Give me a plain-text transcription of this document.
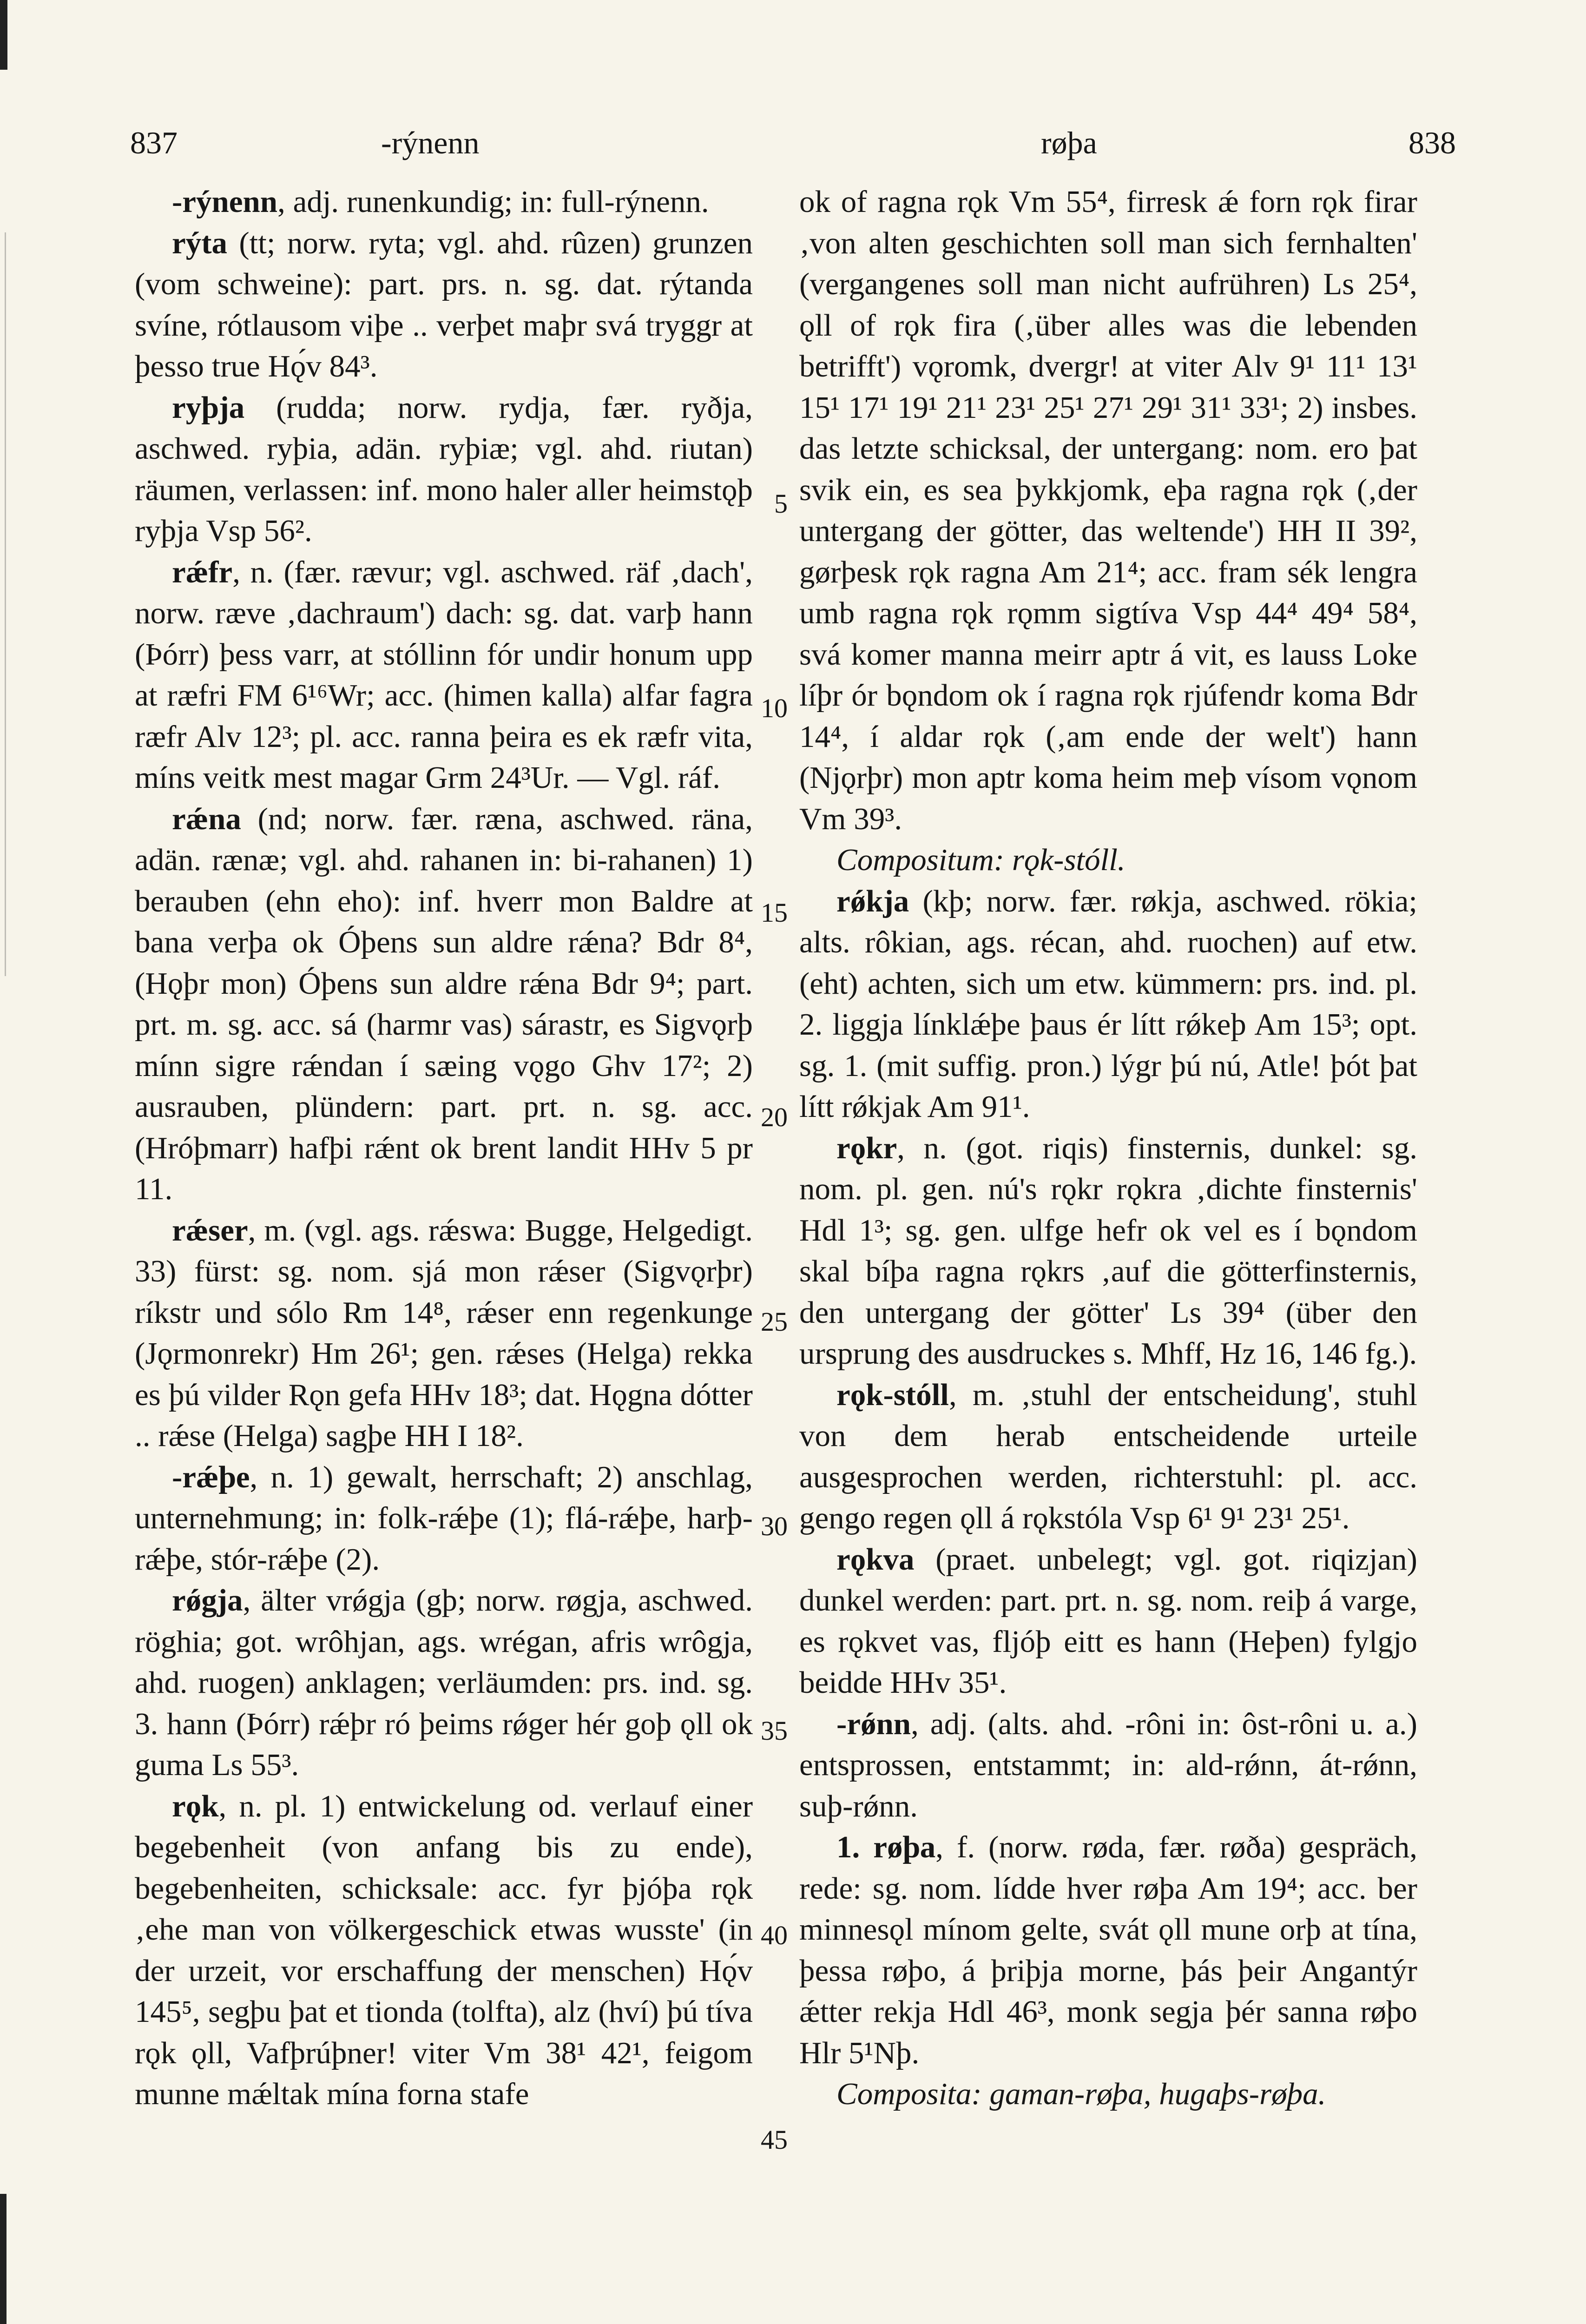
837	-rýnenn	røþa	838

-rýnenn, adj. runenkundig; in: full-rýnenn.

rýta (tt; norw. ryta; vgl. ahd. rûzen) grunzen (vom schweine): part. prs. n. sg. dat. rýtanda svíne, rótlausom viþe .. verþet maþr svá tryggr at þesso true Hǫ́v 84³.

ryþja (rudda; norw. rydja, fær. ryðja, aschwed. ryþia, adän. ryþiæ; vgl. ahd. riutan) räumen, verlassen: inf. mono haler aller heimstǫþ ryþja Vsp 56².

rǽfr, n. (fær. rævur; vgl. aschwed. räf ‚dach', norw. ræve ‚dachraum') dach: sg. dat. varþ hann (Þórr) þess varr, at stóllinn fór undir honum upp at ræfri FM 6¹⁶Wr; acc. (himen kalla) alfar fagra ræfr Alv 12³; pl. acc. ranna þeira es ek ræfr vita, míns veitk mest magar Grm 24³Ur. — Vgl. ráf.

rǽna (nd; norw. fær. ræna, aschwed. räna, adän. rænæ; vgl. ahd. rahanen in: bi-rahanen) 1) berauben (ehn eho): inf. hverr mon Baldre at bana verþa ok Óþens sun aldre rǽna? Bdr 8⁴, (Hǫþr mon) Óþens sun aldre rǽna Bdr 9⁴; part. prt. m. sg. acc. sá (harmr vas) sárastr, es Sigvǫrþ mínn sigre rǽndan í sæing vǫgo Ghv 17²; 2) ausrauben, plündern: part. prt. n. sg. acc. (Hróþmarr) hafþi rǽnt ok brent landit HHv 5 pr 11.

rǽser, m. (vgl. ags. rǽswa: Bugge, Helgedigt. 33) fürst: sg. nom. sjá mon rǽser (Sigvǫrþr) ríkstr und sólo Rm 14⁸, rǽser enn regenkunge (Jǫrmonrekr) Hm 26¹; gen. rǽses (Helga) rekka es þú vilder Rǫn gefa HHv 18³; dat. Hǫgna dótter .. rǽse (Helga) sagþe HH I 18².

-rǽþe, n. 1) gewalt, herrschaft; 2) anschlag, unternehmung; in: folk-rǽþe (1); flá-rǽþe, harþ-rǽþe, stór-rǽþe (2).

rǿgja, älter vrǿgja (gþ; norw. røgja, aschwed. röghia; got. wrôhjan, ags. wrégan, afris wrôgja, ahd. ruogen) anklagen; verläumden: prs. ind. sg. 3. hann (Þórr) rǽþr ró þeims rǿger hér goþ ǫll ok guma Ls 55³.

rǫk, n. pl. 1) entwickelung od. verlauf einer begebenheit (von anfang bis zu ende), begebenheiten, schicksale: acc. fyr þjóþa rǫk ‚ehe man von völkergeschick etwas wusste' (in der urzeit, vor erschaffung der menschen) Hǫ́v 145⁵, segþu þat et tionda (tolfta), alz (hví) þú tíva rǫk ǫll, Vafþrúþner! viter Vm 38¹ 42¹, feigom munne mǽltak mína forna stafe

ok of ragna rǫk Vm 55⁴, firresk ǽ forn rǫk firar ‚von alten geschichten soll man sich fernhalten' (vergangenes soll man nicht aufrühren) Ls 25⁴, ǫll of rǫk fira (‚über alles was die lebenden betrifft') vǫromk, dvergr! at viter Alv 9¹ 11¹ 13¹ 15¹ 17¹ 19¹ 21¹ 23¹ 25¹ 27¹ 29¹ 31¹ 33¹; 2) insbes. das letzte schicksal, der untergang: nom. ero þat svik ein, es sea þykkjomk, eþa ragna rǫk (‚der untergang der götter, das weltende') HH II 39², gørþesk rǫk ragna Am 21⁴; acc. fram sék lengra umb ragna rǫk rǫmm sigtíva Vsp 44⁴ 49⁴ 58⁴, svá komer manna meirr aptr á vit, es lauss Loke líþr ór bǫndom ok í ragna rǫk rjúfendr koma Bdr 14⁴, í aldar rǫk (‚am ende der welt') hann (Njǫrþr) mon aptr koma heim meþ vísom vǫnom Vm 39³.

Compositum: rǫk-stóll.

rǿkja (kþ; norw. fær. røkja, aschwed. rökia; alts. rôkian, ags. récan, ahd. ruochen) auf etw. (eht) achten, sich um etw. kümmern: prs. ind. pl. 2. liggja línklǽþe þaus ér lítt rǿkeþ Am 15³; opt. sg. 1. (mit suffig. pron.) lýgr þú nú, Atle! þót þat lítt rǿkjak Am 91¹.

rǫkr, n. (got. riqis) finsternis, dunkel: sg. nom. pl. gen. nú's rǫkr rǫkra ‚dichte finsternis' Hdl 1³; sg. gen. ulfge hefr ok vel es í bǫndom skal bíþa ragna rǫkrs ‚auf die götterfinsternis, den untergang der götter' Ls 39⁴ (über den ursprung des ausdruckes s. Mhff, Hz 16, 146 fg.).

rǫk-stóll, m. ‚stuhl der entscheidung', stuhl von dem herab entscheidende urteile ausgesprochen werden, richterstuhl: pl. acc. gengo regen ǫll á rǫkstóla Vsp 6¹ 9¹ 23¹ 25¹.

rǫkva (praet. unbelegt; vgl. got. riqizjan) dunkel werden: part. prt. n. sg. nom. reiþ á varge, es rǫkvet vas, fljóþ eitt es hann (Heþen) fylgjo beidde HHv 35¹.

-rǿnn, adj. (alts. ahd. -rôni in: ôst-rôni u. a.) entsprossen, entstammt; in: ald-rǿnn, át-rǿnn, suþ-rǿnn.

1. røþa, f. (norw. røda, fær. røða) gespräch, rede: sg. nom. lídde hver røþa Am 19⁴; acc. ber minnesǫl mínom gelte, svát ǫll mune orþ at tína, þessa røþo, á þriþja morne, þás þeir Angantýr ǽtter rekja Hdl 46³, monk segja þér sanna røþo Hlr 5¹Nþ.

Composita: gaman-røþa, hugaþs-røþa.

5
10
15
20
25
30
35
40
45
